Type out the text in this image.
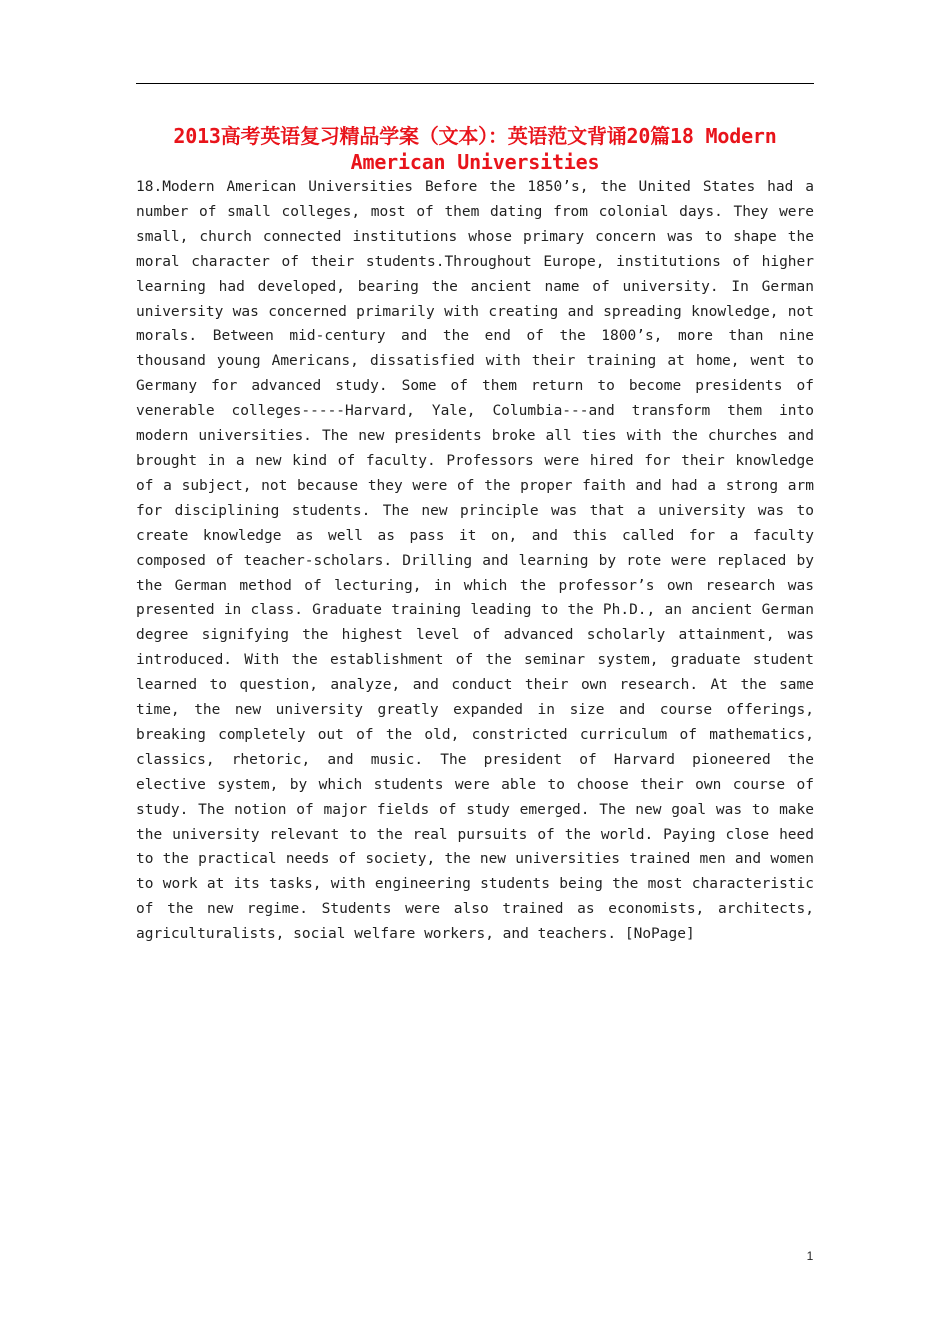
2013高考英语复习精品学案（文本）：英语范文背诵20篇18 Modern American Universities

18.Modern American Universities Before the 1850’s, the United States had a number of small colleges, most of them dating from colonial days. They were small, church connected institutions whose primary concern was to shape the moral character of their students.Throughout Europe, institutions of higher learning had developed, bearing the ancient name of university. In German university was concerned primarily with creating and spreading knowledge, not morals. Between mid-century and the end of the 1800’s, more than nine thousand young Americans, dissatisfied with their training at home, went to Germany for advanced study. Some of them return to become presidents of venerable colleges-----Harvard, Yale, Columbia---and transform them into modern universities. The new presidents broke all ties with the churches and brought in a new kind of faculty. Professors were hired for their knowledge of a subject, not because they were of the proper faith and had a strong arm for disciplining students. The new principle was that a university was to create knowledge as well as pass it on, and this called for a faculty composed of teacher-scholars. Drilling and learning by rote were replaced by the German method of lecturing, in which the professor’s own research was presented in class. Graduate training leading to the Ph.D., an ancient German degree signifying the highest level of advanced scholarly attainment, was introduced. With the establishment of the seminar system, graduate student learned to question, analyze, and conduct their own research. At the same time, the new university greatly expanded in size and course offerings, breaking completely out of the old, constricted curriculum of mathematics, classics, rhetoric, and music. The president of Harvard pioneered the elective system, by which students were able to choose their own course of study. The notion of major fields of study emerged. The new goal was to make the university relevant to the real pursuits of the world. Paying close heed to the practical needs of society, the new universities trained men and women to work at its tasks, with engineering students being the most characteristic of the new regime. Students were also trained as economists, architects, agriculturalists, social welfare workers, and teachers. [NoPage]

1
